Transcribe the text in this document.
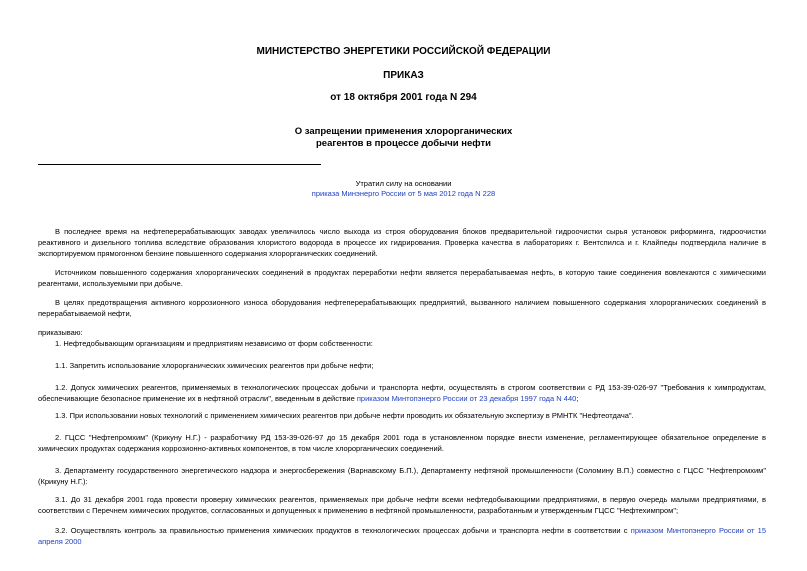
МИНИСТЕРСТВО ЭНЕРГЕТИКИ РОССИЙСКОЙ ФЕДЕРАЦИИ
ПРИКАЗ
от 18 октября 2001 года N 294
О запрещении применения хлорорганических
реагентов в процессе добычи нефти
Утратил силу на основании
приказа Минэнерго России от 5 мая 2012 года N 228
В последнее время на нефтеперерабатывающих заводах увеличилось число выхода из строя оборудования блоков предварительной гидроочистки сырья установок риформинга, гидроочистки реактивного и дизельного топлива вследствие образования хлористого водорода в процессе их гидрирования. Проверка качества в лабораториях г. Вентспилса и г. Клайпеды подтвердила наличие в экспортируемом прямогонном бензине повышенного содержания хлорорганических соединений.
Источником повышенного содержания хлорорганических соединений в продуктах переработки нефти является перерабатываемая нефть, в которую такие соединения вовлекаются с химическими реагентами, используемыми при добыче.
В целях предотвращения активного коррозионного износа оборудования нефтеперерабатывающих предприятий, вызванного наличием повышенного содержания хлорорганических соединений в перерабатываемой нефти,
приказываю:
1. Нефтедобывающим организациям и предприятиям независимо от форм собственности:
1.1. Запретить использование хлорорганических химических реагентов при добыче нефти;
1.2. Допуск химических реагентов, применяемых в технологических процессах добычи и транспорта нефти, осуществлять в строгом соответствии с РД 153-39-026-97 "Требования к химпродуктам, обеспечивающие безопасное применение их в нефтяной отрасли", введенным в действие приказом Минтопэнерго России от 23 декабря 1997 года N 440;
1.3. При использовании новых технологий с применением химических реагентов при добыче нефти проводить их обязательную экспертизу в РМНТК "Нефтеотдача".
2. ГЦСС "Нефтепромхим" (Крикуну Н.Г.) - разработчику РД 153-39-026-97 до 15 декабря 2001 года в установленном порядке внести изменение, регламентирующее обязательное определение в химических продуктах содержания коррозионно-активных компонентов, в том числе хлорорганических соединений.
3. Департаменту государственного энергетического надзора и энергосбережения (Варнавскому Б.П.), Департаменту нефтяной промышленности (Соломину В.П.) совместно с ГЦСС "Нефтепромхим" (Крикуну Н.Г.):
3.1. До 31 декабря 2001 года провести проверку химических реагентов, применяемых при добыче нефти всеми нефтедобывающими предприятиями, в первую очередь малыми предприятиями, в соответствии с Перечнем химических продуктов, согласованных и допущенных к применению в нефтяной промышленности, разработанным и утвержденным ГЦСС "Нефтехимпром";
3.2. Осуществлять контроль за правильностью применения химических продуктов в технологических процессах добычи и транспорта нефти в соответствии с приказом Минтопэнерго России от 15 апреля 2000
